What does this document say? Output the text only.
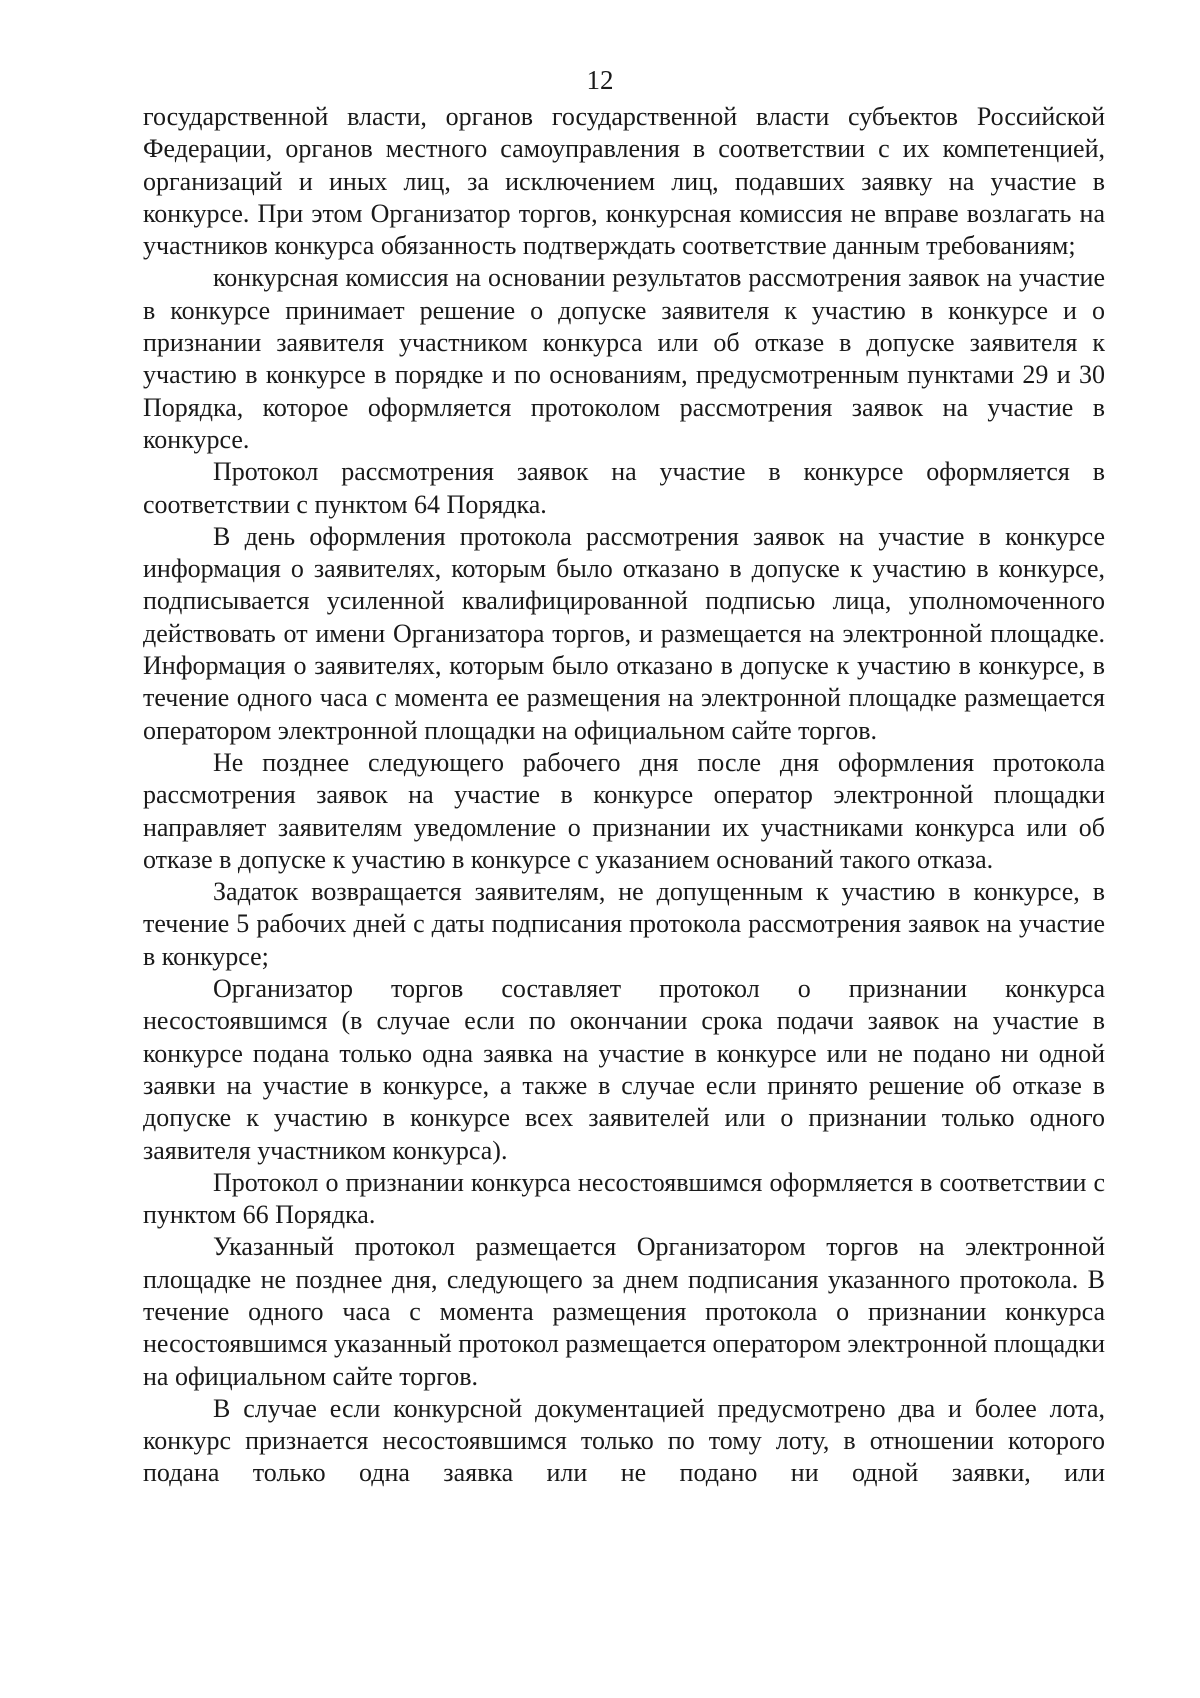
12

государственной власти, органов государственной власти субъектов Российской Федерации, органов местного самоуправления в соответствии с их компетенцией, организаций и иных лиц, за исключением лиц, подавших заявку на участие в конкурсе. При этом Организатор торгов, конкурсная комиссия не вправе возлагать на участников конкурса обязанность подтверждать соответствие данным требованиям;

конкурсная комиссия на основании результатов рассмотрения заявок на участие в конкурсе принимает решение о допуске заявителя к участию в конкурсе и о признании заявителя участником конкурса или об отказе в допуске заявителя к участию в конкурсе в порядке и по основаниям, предусмотренным пунктами 29 и 30 Порядка, которое оформляется протоколом рассмотрения заявок на участие в конкурсе.

Протокол рассмотрения заявок на участие в конкурсе оформляется в соответствии с пунктом 64 Порядка.

В день оформления протокола рассмотрения заявок на участие в конкурсе информация о заявителях, которым было отказано в допуске к участию в конкурсе, подписывается усиленной квалифицированной подписью лица, уполномоченного действовать от имени Организатора торгов, и размещается на электронной площадке. Информация о заявителях, которым было отказано в допуске к участию в конкурсе, в течение одного часа с момента ее размещения на электронной площадке размещается оператором электронной площадки на официальном сайте торгов.

Не позднее следующего рабочего дня после дня оформления протокола рассмотрения заявок на участие в конкурсе оператор электронной площадки направляет заявителям уведомление о признании их участниками конкурса или об отказе в допуске к участию в конкурсе с указанием оснований такого отказа.

Задаток возвращается заявителям, не допущенным к участию в конкурсе, в течение 5 рабочих дней с даты подписания протокола рассмотрения заявок на участие в конкурсе;

Организатор торгов составляет протокол о признании конкурса несостоявшимся (в случае если по окончании срока подачи заявок на участие в конкурсе подана только одна заявка на участие в конкурсе или не подано ни одной заявки на участие в конкурсе, а также в случае если принято решение об отказе в допуске к участию в конкурсе всех заявителей или о признании только одного заявителя участником конкурса).

Протокол о признании конкурса несостоявшимся оформляется в соответствии с пунктом 66 Порядка.

Указанный протокол размещается Организатором торгов на электронной площадке не позднее дня, следующего за днем подписания указанного протокола. В течение одного часа с момента размещения протокола о признании конкурса несостоявшимся указанный протокол размещается оператором электронной площадки на официальном сайте торгов.

В случае если конкурсной документацией предусмотрено два и более лота, конкурс признается несостоявшимся только по тому лоту, в отношении которого подана только одна заявка или не подано ни одной заявки, или
